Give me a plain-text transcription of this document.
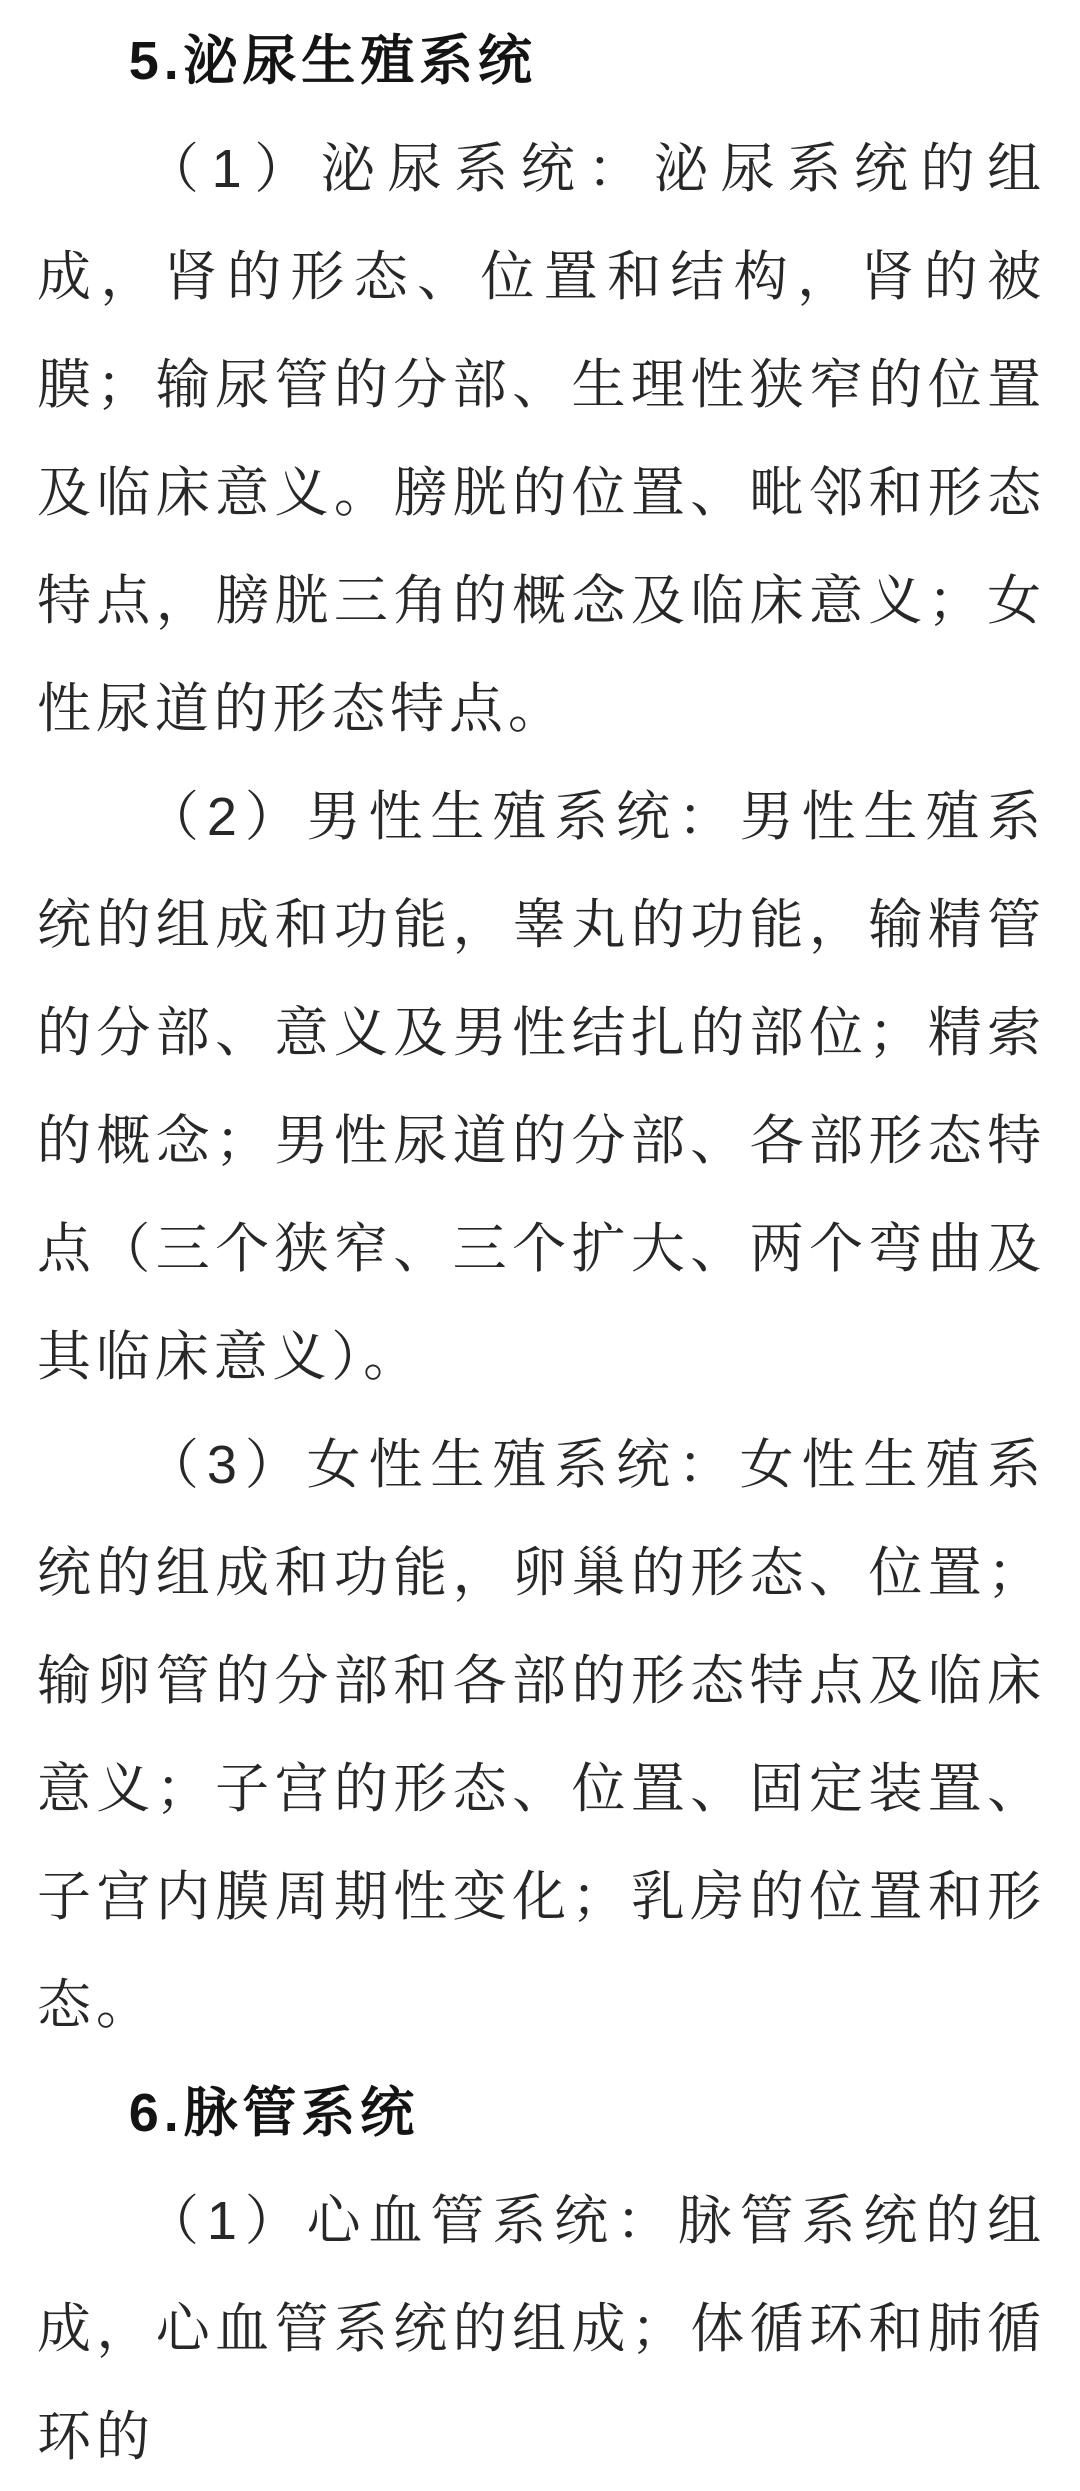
5.泌尿生殖系统

（1）泌尿系统：泌尿系统的组成，肾的形态、位置和结构，肾的被膜；输尿管的分部、生理性狭窄的位置及临床意义。膀胱的位置、毗邻和形态特点，膀胱三角的概念及临床意义；女性尿道的形态特点。

（2）男性生殖系统：男性生殖系统的组成和功能，睾丸的功能，输精管的分部、意义及男性结扎的部位；精索的概念；男性尿道的分部、各部形态特点（三个狭窄、三个扩大、两个弯曲及其临床意义）。

（3）女性生殖系统：女性生殖系统的组成和功能，卵巢的形态、位置；输卵管的分部和各部的形态特点及临床意义；子宫的形态、位置、固定装置、子宫内膜周期性变化；乳房的位置和形态。

6.脉管系统

（1）心血管系统：脉管系统的组成，心血管系统的组成；体循环和肺循环的
